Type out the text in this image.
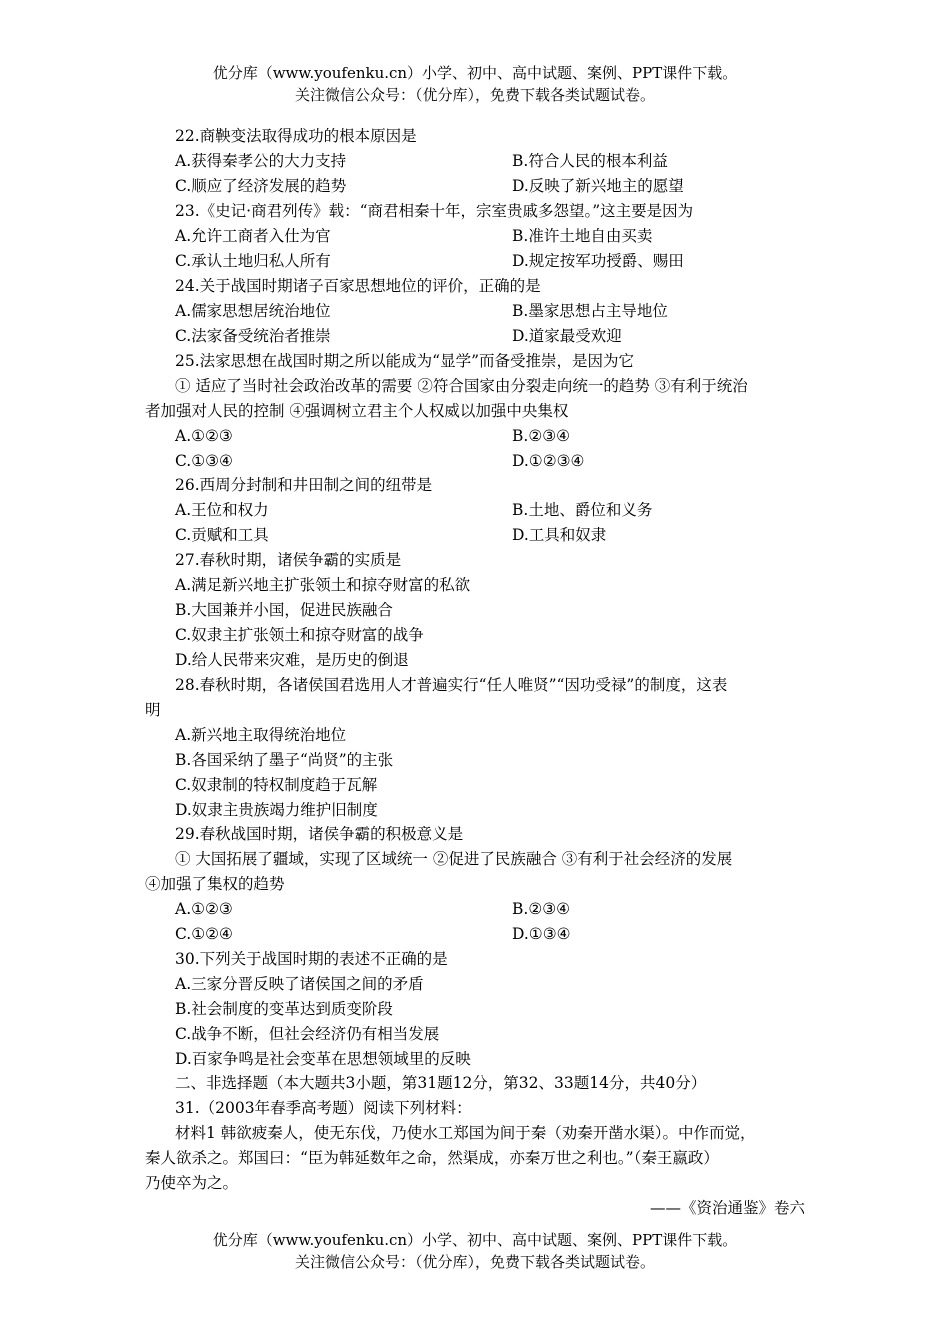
优分库（www.youfenku.cn）小学、初中、高中试题、案例、PPT课件下载。
关注微信公众号：（优分库），免费下载各类试题试卷。
22.商鞅变法取得成功的根本原因是
A.获得秦孝公的大力支持	B.符合人民的根本利益
C.顺应了经济发展的趋势	D.反映了新兴地主的愿望
23.《史记·商君列传》载：“商君相秦十年，宗室贵戚多怨望。”这主要是因为
A.允许工商者入仕为官	B.准许土地自由买卖
C.承认土地归私人所有	D.规定按军功授爵、赐田
24.关于战国时期诸子百家思想地位的评价，正确的是
A.儒家思想居统治地位	B.墨家思想占主导地位
C.法家备受统治者推崇	D.道家最受欢迎
25.法家思想在战国时期之所以能成为“显学”而备受推崇，是因为它
① 适应了当时社会政治改革的需要 ②符合国家由分裂走向统一的趋势 ③有利于统治
者加强对人民的控制 ④强调树立君主个人权威以加强中央集权
A.①②③	B.②③④
C.①③④	D.①②③④
26.西周分封制和井田制之间的纽带是
A.王位和权力	B.土地、爵位和义务
C.贡赋和工具	D.工具和奴隶
27.春秋时期，诸侯争霸的实质是
A.满足新兴地主扩张领土和掠夺财富的私欲
B.大国兼并小国，促进民族融合
C.奴隶主扩张领土和掠夺财富的战争
D.给人民带来灾难，是历史的倒退
28.春秋时期，各诸侯国君选用人才普遍实行“任人唯贤”“因功受禄”的制度，这表
明
A.新兴地主取得统治地位
B.各国采纳了墨子“尚贤”的主张
C.奴隶制的特权制度趋于瓦解
D.奴隶主贵族竭力维护旧制度
29.春秋战国时期，诸侯争霸的积极意义是
① 大国拓展了疆域，实现了区域统一 ②促进了民族融合 ③有利于社会经济的发展
④加强了集权的趋势
A.①②③	B.②③④
C.①②④	D.①③④
30.下列关于战国时期的表述不正确的是
A.三家分晋反映了诸侯国之间的矛盾
B.社会制度的变革达到质变阶段
C.战争不断，但社会经济仍有相当发展
D.百家争鸣是社会变革在思想领域里的反映
二、非选择题（本大题共3小题，第31题12分，第32、33题14分，共40分）
31.（2003年春季高考题）阅读下列材料：
材料1 韩欲疲秦人，使无东伐，乃使水工郑国为间于秦（劝秦开凿水渠）。中作而觉，
秦人欲杀之。郑国曰：“臣为韩延数年之命，然渠成，亦秦万世之利也。”（秦王嬴政）
乃使卒为之。
——《资治通鉴》卷六
优分库（www.youfenku.cn）小学、初中、高中试题、案例、PPT课件下载。
关注微信公众号：（优分库），免费下载各类试题试卷。
